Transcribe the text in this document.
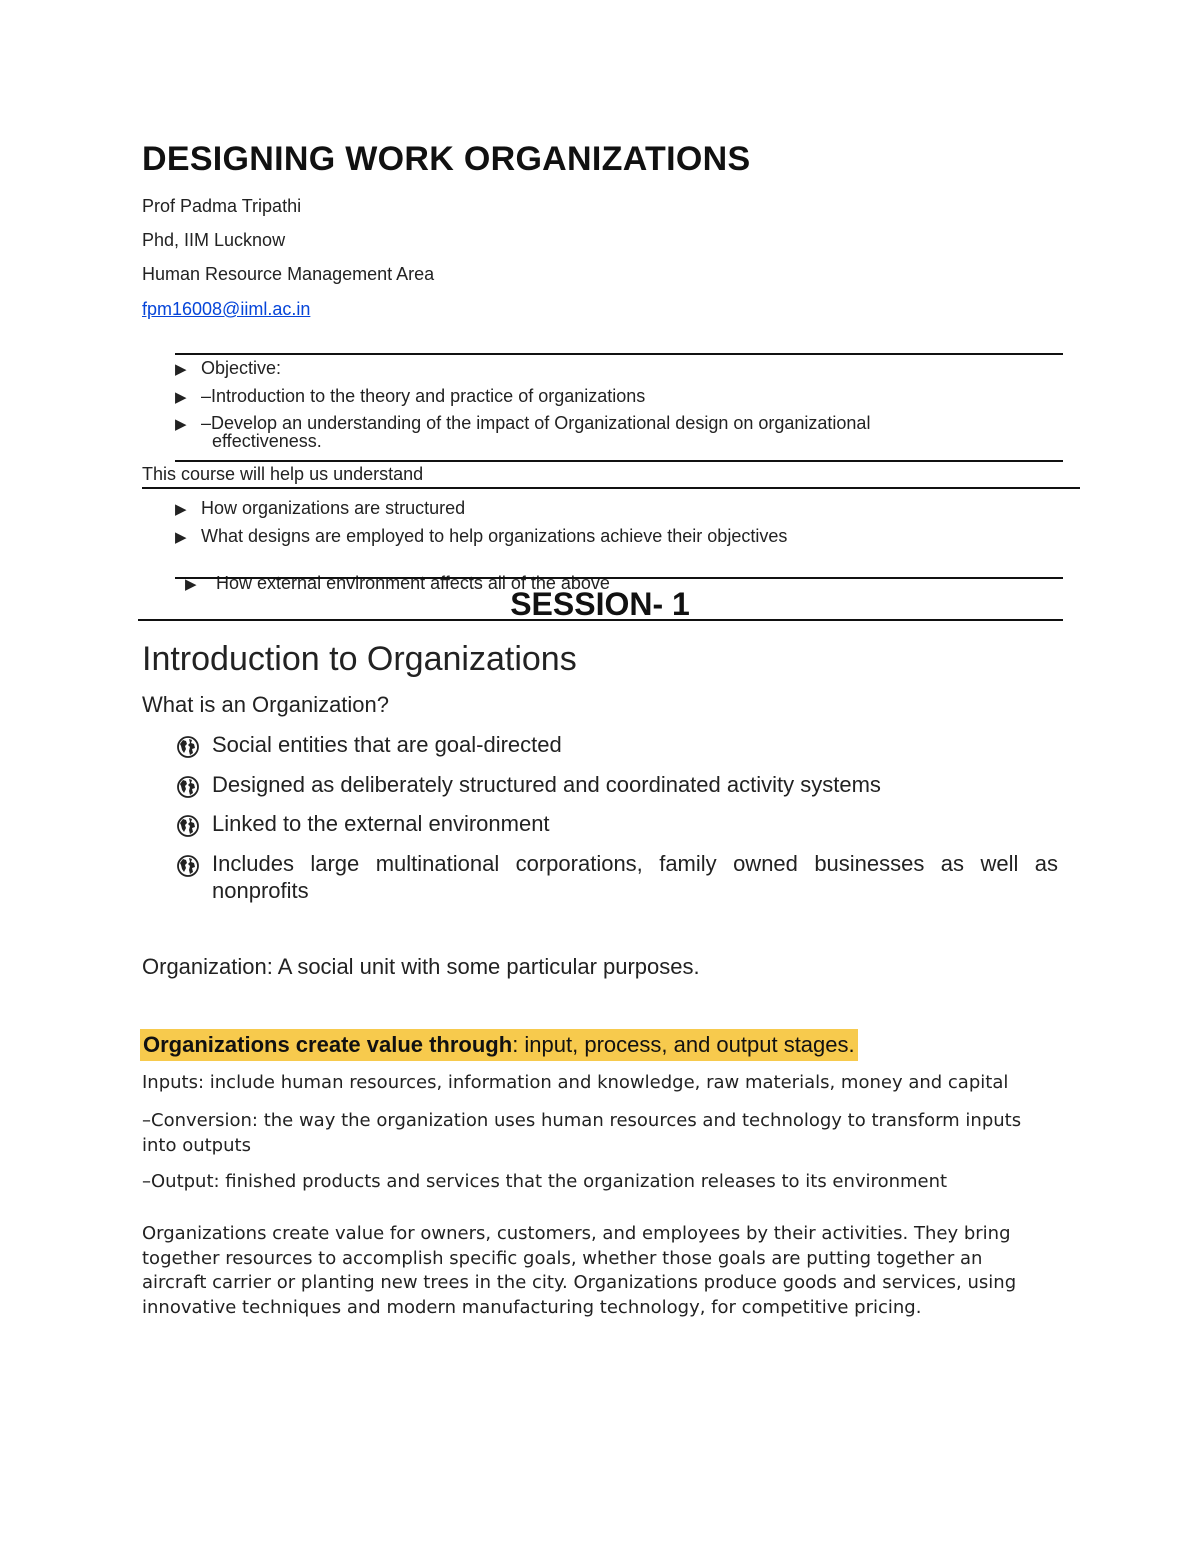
DESIGNING WORK ORGANIZATIONS
Prof Padma Tripathi
Phd, IIM Lucknow
Human Resource Management Area
fpm16008@iiml.ac.in
▶ Objective:
▶ –Introduction to the theory and practice of organizations
▶ –Develop an understanding of the impact of Organizational design on organizational
effectiveness.
This course will help us understand
▶ How organizations are structured
▶ What designs are employed to help organizations achieve their objectives

▶ How external environment affects all of the above

SESSION- 1
Introduction to Organizations
What is an Organization?
Social entities that are goal-directed
Designed as deliberately structured and coordinated activity systems
Linked to the external environment
Includes large multinational corporations, family owned businesses as well as nonprofits
Organization: A social unit with some particular purposes.
Organizations create value through: input, process, and output stages.
Inputs: include human resources, information and knowledge, raw materials, money and capital
–Conversion: the way the organization uses human resources and technology to transform inputs into outputs
–Output: finished products and services that the organization releases to its environment
Organizations create value for owners, customers, and employees by their activities. They bring together resources to accomplish specific goals, whether those goals are putting together an aircraft carrier or planting new trees in the city. Organizations produce goods and services, using innovative techniques and modern manufacturing technology, for competitive pricing.
